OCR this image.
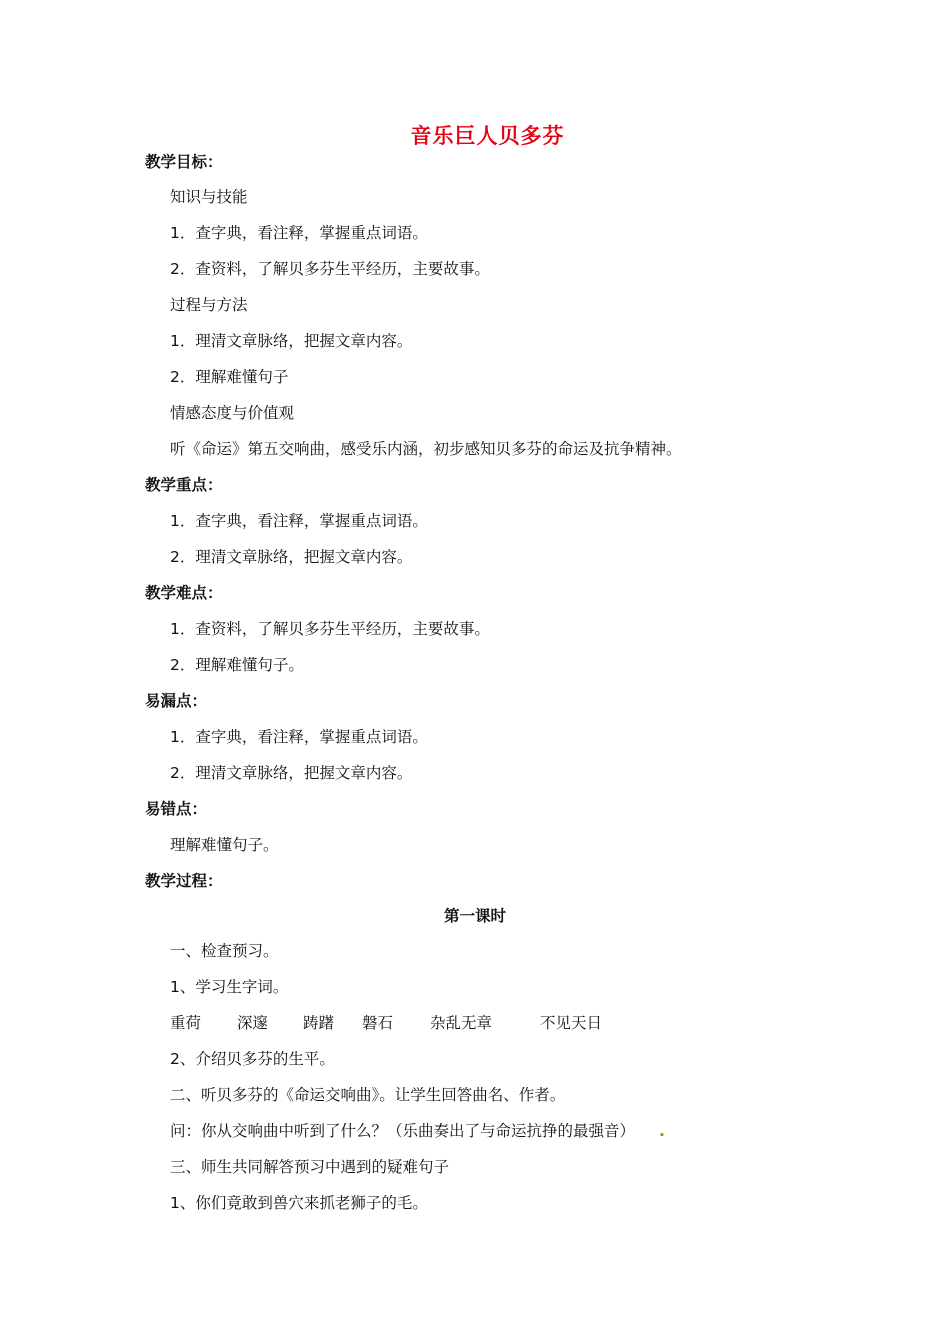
音乐巨人贝多芬
教学目标：
知识与技能
1．查字典，看注释，掌握重点词语。
2．查资料，了解贝多芬生平经历，主要故事。
过程与方法
1．理清文章脉络，把握文章内容。
2．理解难懂句子
情感态度与价值观
听《命运》第五交响曲，感受乐内涵，初步感知贝多芬的命运及抗争精神。
教学重点：
1．查字典，看注释，掌握重点词语。
2．理清文章脉络，把握文章内容。
教学难点：
1．查资料，了解贝多芬生平经历，主要故事。
2．理解难懂句子。
易漏点：
1．查字典，看注释，掌握重点词语。
2．理清文章脉络，把握文章内容。
易错点：
理解难懂句子。
教学过程：
第一课时
一、检查预习。
1、学习生字词。
重荷 深邃 踌躇 磐石 杂乱无章	不见天日
2、介绍贝多芬的生平。
二、听贝多芬的《命运交响曲》。让学生回答曲名、作者。
问：你从交响曲中听到了什么？（乐曲奏出了与命运抗挣的最强音） .
三、师生共同解答预习中遇到的疑难句子
1、你们竟敢到兽穴来抓老狮子的毛。
